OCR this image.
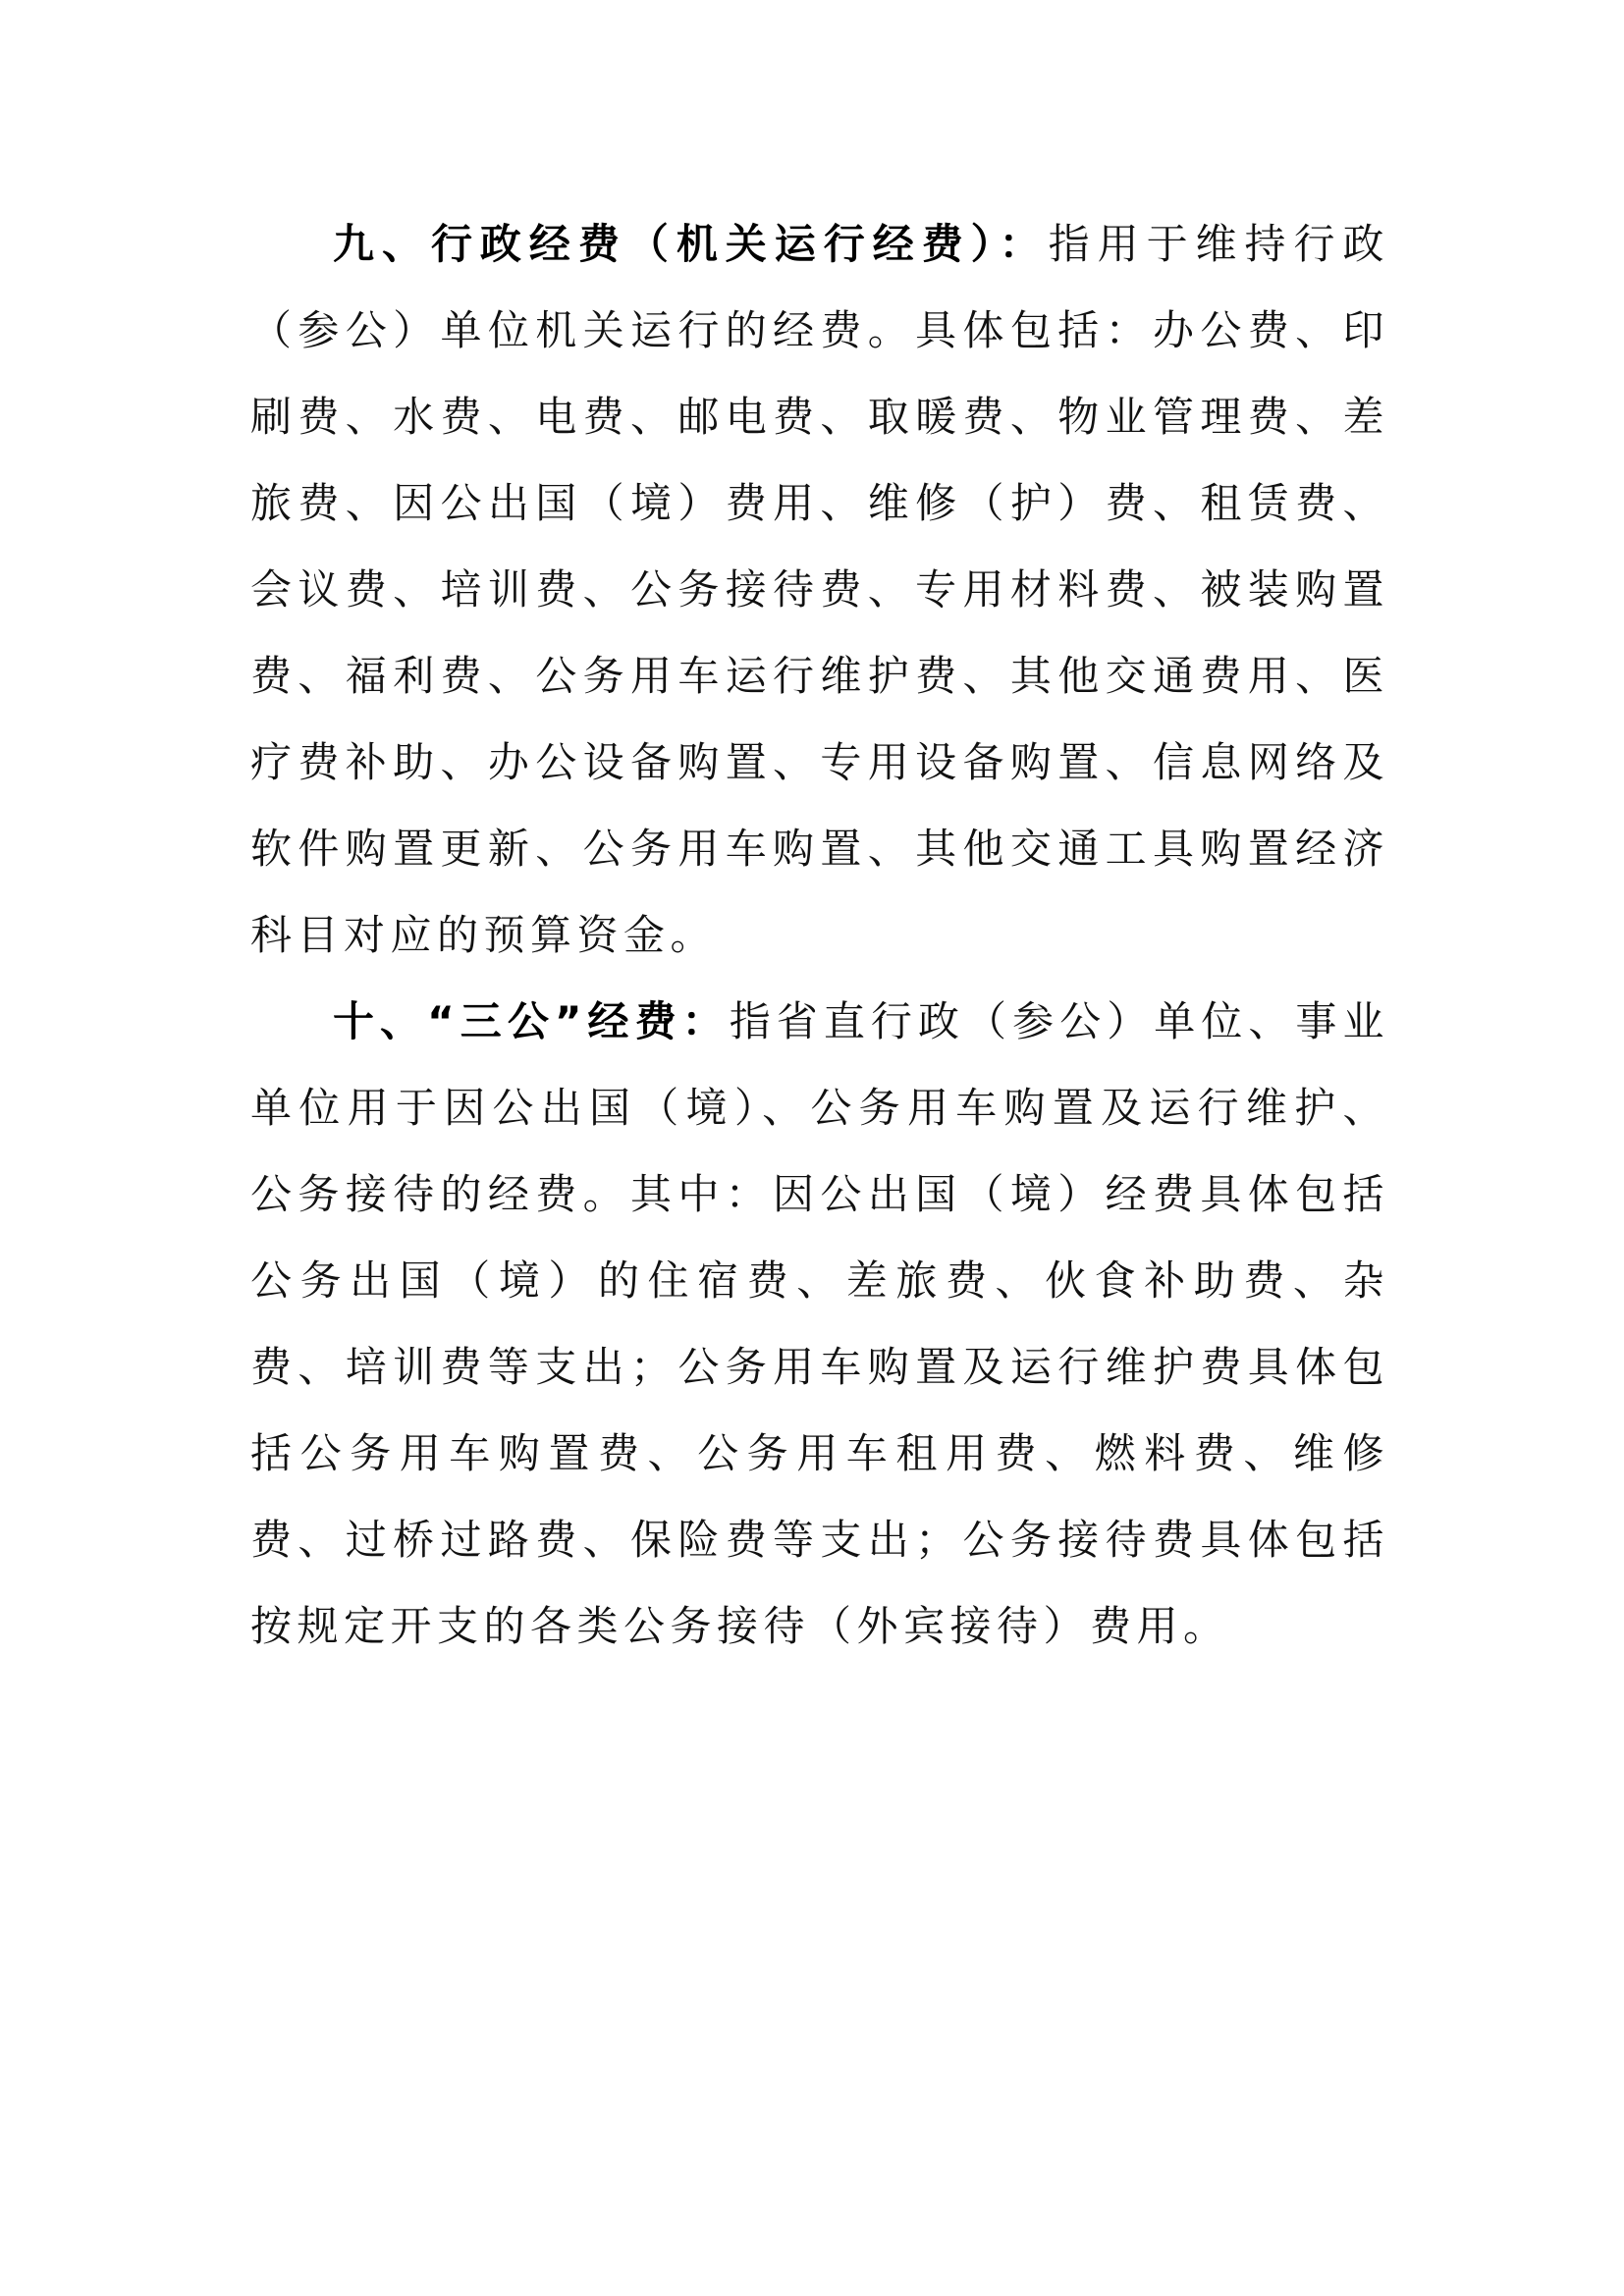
九、行政经费（机关运行经费）：指用于维持行政（参公）单位机关运行的经费。具体包括：办公费、印刷费、水费、电费、邮电费、取暖费、物业管理费、差旅费、因公出国（境）费用、维修（护）费、租赁费、会议费、培训费、公务接待费、专用材料费、被装购置费、福利费、公务用车运行维护费、其他交通费用、医疗费补助、办公设备购置、专用设备购置、信息网络及软件购置更新、公务用车购置、其他交通工具购置经济科目对应的预算资金。

十、“三公”经费：指省直行政（参公）单位、事业单位用于因公出国（境）、公务用车购置及运行维护、公务接待的经费。其中：因公出国（境）经费具体包括公务出国（境）的住宿费、差旅费、伙食补助费、杂费、培训费等支出；公务用车购置及运行维护费具体包括公务用车购置费、公务用车租用费、燃料费、维修费、过桥过路费、保险费等支出；公务接待费具体包括按规定开支的各类公务接待（外宾接待）费用。
